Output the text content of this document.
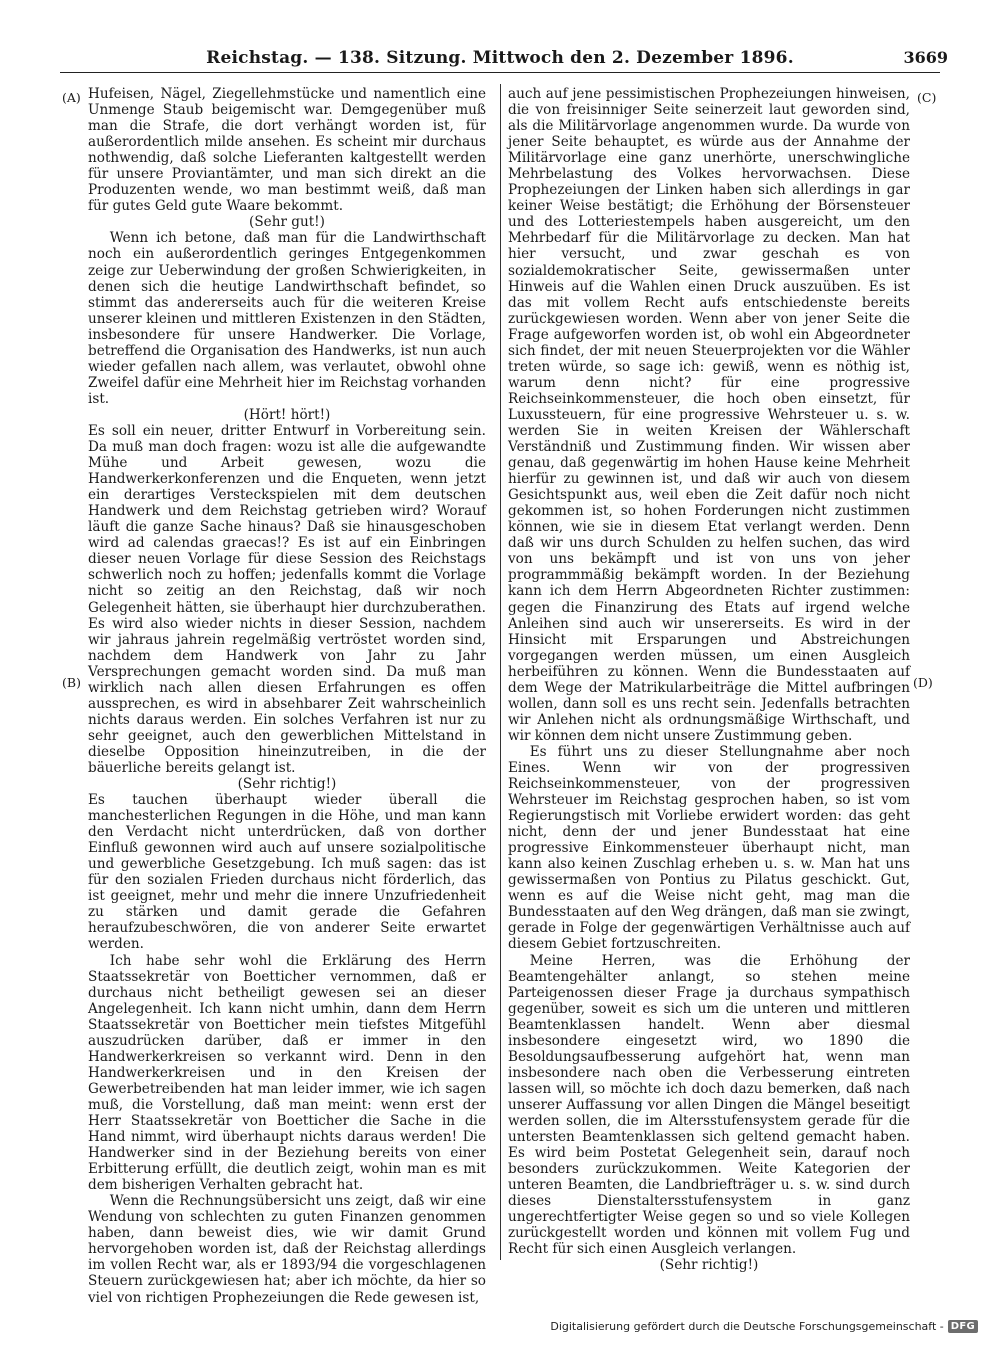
Reichstag. — 138. Sitzung. Mittwoch den 2. Dezember 1896.	3669
(A)
(B)
(C)
(D)

Hufeisen, Nägel, Ziegellehmstücke und namentlich eine Unmenge Staub beigemischt war. Demgegenüber muß man die Strafe, die dort verhängt worden ist, für außerordentlich milde ansehen. Es scheint mir durchaus nothwendig, daß solche Lieferanten kaltgestellt werden für unsere Proviantämter, und man sich direkt an die Produzenten wende, wo man bestimmt weiß, daß man für gutes Geld gute Waare bekommt.

(Sehr gut!)

Wenn ich betone, daß man für die Landwirthschaft noch ein außerordentlich geringes Entgegenkommen zeige zur Ueberwindung der großen Schwierigkeiten, in denen sich die heutige Landwirthschaft befindet, so stimmt das andererseits auch für die weiteren Kreise unserer kleinen und mittleren Existenzen in den Städten, insbesondere für unsere Handwerker. Die Vorlage, betreffend die Organisation des Handwerks, ist nun auch wieder gefallen nach allem, was verlautet, obwohl ohne Zweifel dafür eine Mehrheit hier im Reichstag vorhanden ist.

(Hört! hört!)

Es soll ein neuer, dritter Entwurf in Vorbereitung sein. Da muß man doch fragen: wozu ist alle die aufgewandte Mühe und Arbeit gewesen, wozu die Handwerkerkonferenzen und die Enqueten, wenn jetzt ein derartiges Versteckspielen mit dem deutschen Handwerk und dem Reichstag getrieben wird? Worauf läuft die ganze Sache hinaus? Daß sie hinausgeschoben wird ad calendas graecas!? Es ist auf ein Einbringen dieser neuen Vorlage für diese Session des Reichstags schwerlich noch zu hoffen; jedenfalls kommt die Vorlage nicht so zeitig an den Reichstag, daß wir noch Gelegenheit hätten, sie überhaupt hier durchzuberathen. Es wird also wieder nichts in dieser Session, nachdem wir jahraus jahrein regelmäßig vertröstet worden sind, nachdem dem Handwerk von Jahr zu Jahr Versprechungen gemacht worden sind. Da muß man wirklich nach allen diesen Erfahrungen es offen aussprechen, es wird in absehbarer Zeit wahrscheinlich nichts daraus werden. Ein solches Verfahren ist nur zu sehr geeignet, auch den gewerblichen Mittelstand in dieselbe Opposition hineinzutreiben, in die der bäuerliche bereits gelangt ist.

(Sehr richtig!)

Es tauchen überhaupt wieder überall die manchesterlichen Regungen in die Höhe, und man kann den Verdacht nicht unterdrücken, daß von dorther Einfluß gewonnen wird auch auf unsere sozialpolitische und gewerbliche Gesetzgebung. Ich muß sagen: das ist für den sozialen Frieden durchaus nicht förderlich, das ist geeignet, mehr und mehr die innere Unzufriedenheit zu stärken und damit gerade die Gefahren heraufzubeschwören, die von anderer Seite erwartet werden.

Ich habe sehr wohl die Erklärung des Herrn Staatssekretär von Boetticher vernommen, daß er durchaus nicht betheiligt gewesen sei an dieser Angelegenheit. Ich kann nicht umhin, dann dem Herrn Staatssekretär von Boetticher mein tiefstes Mitgefühl auszudrücken darüber, daß er immer in den Handwerkerkreisen so verkannt wird. Denn in den Handwerkerkreisen und in den Kreisen der Gewerbetreibenden hat man leider immer, wie ich sagen muß, die Vorstellung, daß man meint: wenn erst der Herr Staatssekretär von Boetticher die Sache in die Hand nimmt, wird überhaupt nichts daraus werden! Die Handwerker sind in der Beziehung bereits von einer Erbitterung erfüllt, die deutlich zeigt, wohin man es mit dem bisherigen Verhalten gebracht hat.

Wenn die Rechnungsübersicht uns zeigt, daß wir eine Wendung von schlechten zu guten Finanzen genommen haben, dann beweist dies, wie wir damit Grund hervorgehoben worden ist, daß der Reichstag allerdings im vollen Recht war, als er 1893/94 die vorgeschlagenen Steuern zurückgewiesen hat; aber ich möchte, da hier so viel von richtigen Prophezeiungen die Rede gewesen ist,

auch auf jene pessimistischen Prophezeiungen hinweisen, die von freisinniger Seite seinerzeit laut geworden sind, als die Militärvorlage angenommen wurde. Da wurde von jener Seite behauptet, es würde aus der Annahme der Militärvorlage eine ganz unerhörte, unerschwingliche Mehrbelastung des Volkes hervorwachsen. Diese Prophezeiungen der Linken haben sich allerdings in gar keiner Weise bestätigt; die Erhöhung der Börsensteuer und des Lotteriestempels haben ausgereicht, um den Mehrbedarf für die Militärvorlage zu decken. Man hat hier versucht, und zwar geschah es von sozialdemokratischer Seite, gewissermaßen unter Hinweis auf die Wahlen einen Druck auszuüben. Es ist das mit vollem Recht aufs entschiedenste bereits zurückgewiesen worden. Wenn aber von jener Seite die Frage aufgeworfen worden ist, ob wohl ein Abgeordneter sich findet, der mit neuen Steuerprojekten vor die Wähler treten würde, so sage ich: gewiß, wenn es nöthig ist, warum denn nicht? für eine progressive Reichseinkommensteuer, die hoch oben einsetzt, für Luxussteuern, für eine progressive Wehrsteuer u. s. w. werden Sie in weiten Kreisen der Wählerschaft Verständniß und Zustimmung finden. Wir wissen aber genau, daß gegenwärtig im hohen Hause keine Mehrheit hierfür zu gewinnen ist, und daß wir auch von diesem Gesichtspunkt aus, weil eben die Zeit dafür noch nicht gekommen ist, so hohen Forderungen nicht zustimmen können, wie sie in diesem Etat verlangt werden. Denn daß wir uns durch Schulden zu helfen suchen, das wird von uns bekämpft und ist von uns von jeher programmmäßig bekämpft worden. In der Beziehung kann ich dem Herrn Abgeordneten Richter zustimmen: gegen die Finanzirung des Etats auf irgend welche Anleihen sind auch wir unsererseits. Es wird in der Hinsicht mit Ersparungen und Abstreichungen vorgegangen werden müssen, um einen Ausgleich herbeiführen zu können. Wenn die Bundesstaaten auf dem Wege der Matrikularbeiträge die Mittel aufbringen wollen, dann soll es uns recht sein. Jedenfalls betrachten wir Anlehen nicht als ordnungsmäßige Wirthschaft, und wir können dem nicht unsere Zustimmung geben.

Es führt uns zu dieser Stellungnahme aber noch Eines. Wenn wir von der progressiven Reichseinkommensteuer, von der progressiven Wehrsteuer im Reichstag gesprochen haben, so ist vom Regierungstisch mit Vorliebe erwidert worden: das geht nicht, denn der und jener Bundesstaat hat eine progressive Einkommensteuer überhaupt nicht, man kann also keinen Zuschlag erheben u. s. w. Man hat uns gewissermaßen von Pontius zu Pilatus geschickt. Gut, wenn es auf die Weise nicht geht, mag man die Bundesstaaten auf den Weg drängen, daß man sie zwingt, gerade in Folge der gegenwärtigen Verhältnisse auch auf diesem Gebiet fortzuschreiten.

Meine Herren, was die Erhöhung der Beamtengehälter anlangt, so stehen meine Parteigenossen dieser Frage ja durchaus sympathisch gegenüber, soweit es sich um die unteren und mittleren Beamtenklassen handelt. Wenn aber diesmal insbesondere eingesetzt wird, wo 1890 die Besoldungsaufbesserung aufgehört hat, wenn man insbesondere nach oben die Verbesserung eintreten lassen will, so möchte ich doch dazu bemerken, daß nach unserer Auffassung vor allen Dingen die Mängel beseitigt werden sollen, die im Altersstufensystem gerade für die untersten Beamtenklassen sich geltend gemacht haben. Es wird beim Postetat Gelegenheit sein, darauf noch besonders zurückzukommen. Weite Kategorien der unteren Beamten, die Landbriefträger u. s. w. sind durch dieses Dienstaltersstufensystem in ganz ungerechtfertigter Weise gegen so und so viele Kollegen zurückgestellt worden und können mit vollem Fug und Recht für sich einen Ausgleich verlangen.

(Sehr richtig!)

Digitalisierung gefördert durch die Deutsche Forschungsgemeinschaft - DFG
